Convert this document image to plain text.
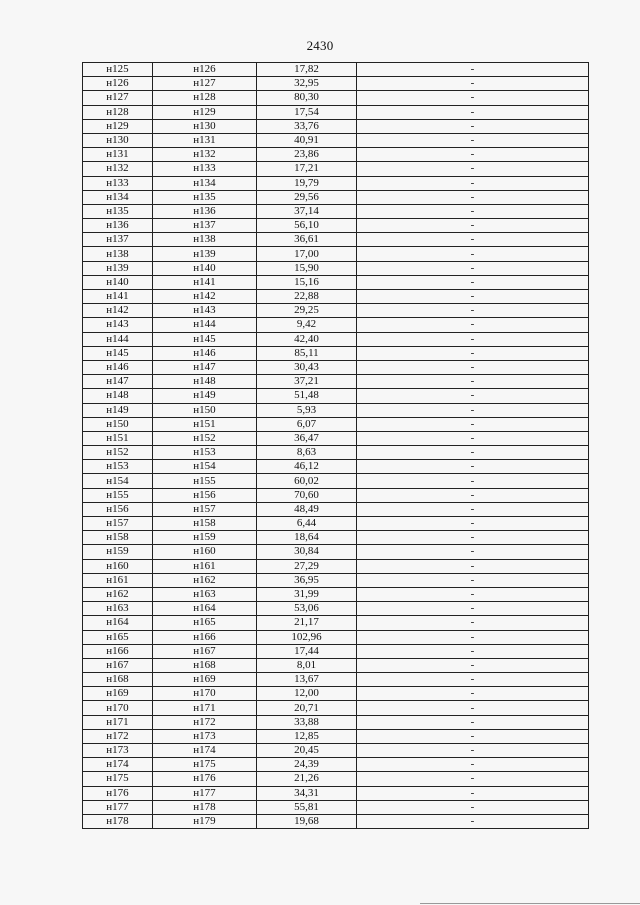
2430
н125	н126	17,82	-
н126	н127	32,95	-
н127	н128	80,30	-
н128	н129	17,54	-
н129	н130	33,76	-
н130	н131	40,91	-
н131	н132	23,86	-
н132	н133	17,21	-
н133	н134	19,79	-
н134	н135	29,56	-
н135	н136	37,14	-
н136	н137	56,10	-
н137	н138	36,61	-
н138	н139	17,00	-
н139	н140	15,90	-
н140	н141	15,16	-
н141	н142	22,88	-
н142	н143	29,25	-
н143	н144	9,42	-
н144	н145	42,40	-
н145	н146	85,11	-
н146	н147	30,43	-
н147	н148	37,21	-
н148	н149	51,48	-
н149	н150	5,93	-
н150	н151	6,07	-
н151	н152	36,47	-
н152	н153	8,63	-
н153	н154	46,12	-
н154	н155	60,02	-
н155	н156	70,60	-
н156	н157	48,49	-
н157	н158	6,44	-
н158	н159	18,64	-
н159	н160	30,84	-
н160	н161	27,29	-
н161	н162	36,95	-
н162	н163	31,99	-
н163	н164	53,06	-
н164	н165	21,17	-
н165	н166	102,96	-
н166	н167	17,44	-
н167	н168	8,01	-
н168	н169	13,67	-
н169	н170	12,00	-
н170	н171	20,71	-
н171	н172	33,88	-
н172	н173	12,85	-
н173	н174	20,45	-
н174	н175	24,39	-
н175	н176	21,26	-
н176	н177	34,31	-
н177	н178	55,81	-
н178	н179	19,68	-
